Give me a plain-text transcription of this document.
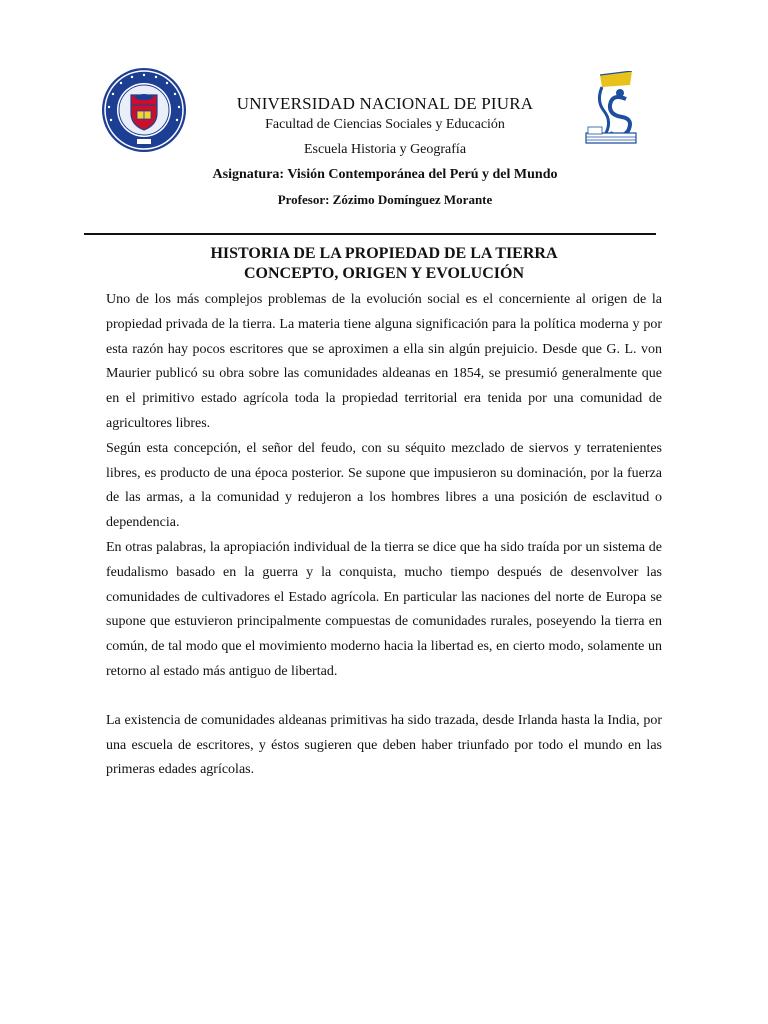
UNIVERSIDAD NACIONAL DE PIURA
Facultad de Ciencias Sociales y Educación
Escuela Historia y Geografía
Asignatura: Visión Contemporánea del Perú y del Mundo
Profesor: Zózimo Domínguez Morante
HISTORIA DE LA PROPIEDAD DE LA TIERRA
CONCEPTO, ORIGEN Y EVOLUCIÓN

Uno de los más complejos problemas de la evolución social es el concerniente al origen de la propiedad privada de la tierra. La materia tiene alguna significación para la política moderna y por esta razón hay pocos escritores que se aproximen a ella sin algún prejuicio. Desde que G. L. von Maurier publicó su obra sobre las comunidades aldeanas en 1854, se presumió generalmente que en el primitivo estado agrícola toda la propiedad territorial era tenida por una comunidad de agricultores libres.

Según esta concepción, el señor del feudo, con su séquito mezclado de siervos y terratenientes libres, es producto de una época posterior. Se supone que impusieron su dominación, por la fuerza de las armas, a la comunidad y redujeron a los hombres libres a una posición de esclavitud o dependencia.

En otras palabras, la apropiación individual de la tierra se dice que ha sido traída por un sistema de feudalismo basado en la guerra y la conquista, mucho tiempo después de desenvolver las comunidades de cultivadores el Estado agrícola. En particular las naciones del norte de Europa se supone que estuvieron principalmente compuestas de comunidades rurales, poseyendo la tierra en común, de tal modo que el movimiento moderno hacia la libertad es, en cierto modo, solamente un retorno al estado más antiguo de libertad.

La existencia de comunidades aldeanas primitivas ha sido trazada, desde Irlanda hasta la India, por una escuela de escritores, y éstos sugieren que deben haber triunfado por todo el mundo en las primeras edades agrícolas.
